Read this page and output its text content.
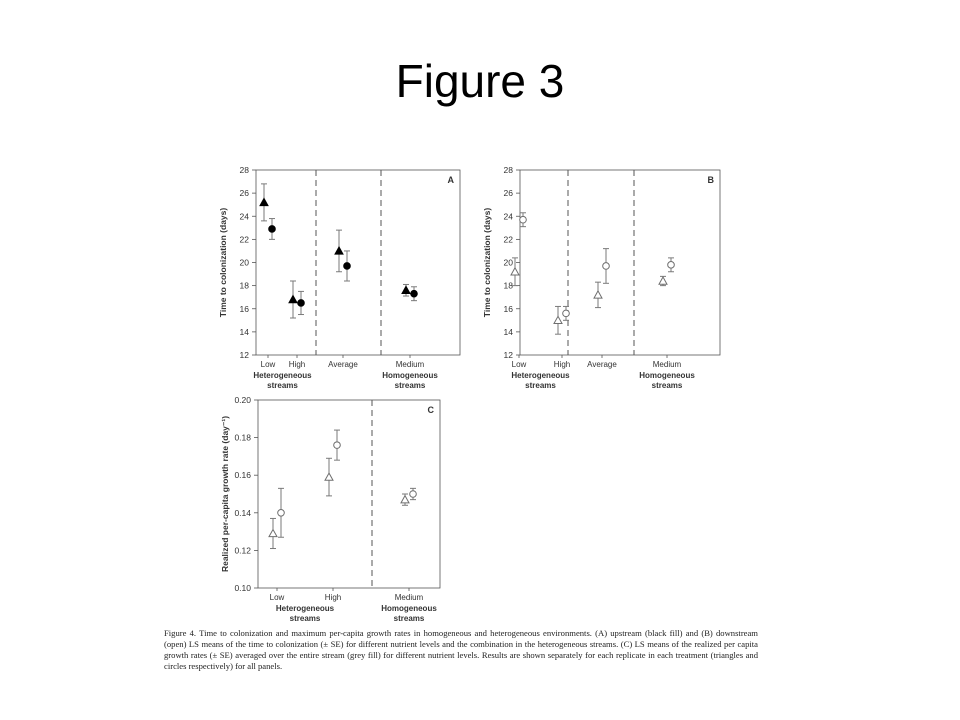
Figure 3
12
14
16
18
20
22
24
26
28
Time to colonization (days)
A
Low High	Average	Medium
Heterogeneous
streams
Homogeneous
streams
12
14
16
18
20
22
24
26
28
Time to colonization (days)
B
Low	High Average	Medium
Heterogeneous
streams
Homogeneous
streams
0.10
0.12
0.14
0.16
0.18
0.20
Realized per-capita growth rate (day⁻¹)
C
Low	High	Medium
Heterogeneous
streams
Homogeneous
streams

Figure 4. Time to colonization and maximum per-capita growth rates in homogeneous and heterogeneous environments. (A) upstream (black fill) and (B) downstream (open) LS means of the time to colonization (± SE) for different nutrient levels and the combination in the heterogeneous streams. (C) LS means of the realized per capita growth rates (± SE) averaged over the entire stream (grey fill) for different nutrient levels. Results are shown separately for each replicate in each treatment (triangles and circles respectively) for all panels.
